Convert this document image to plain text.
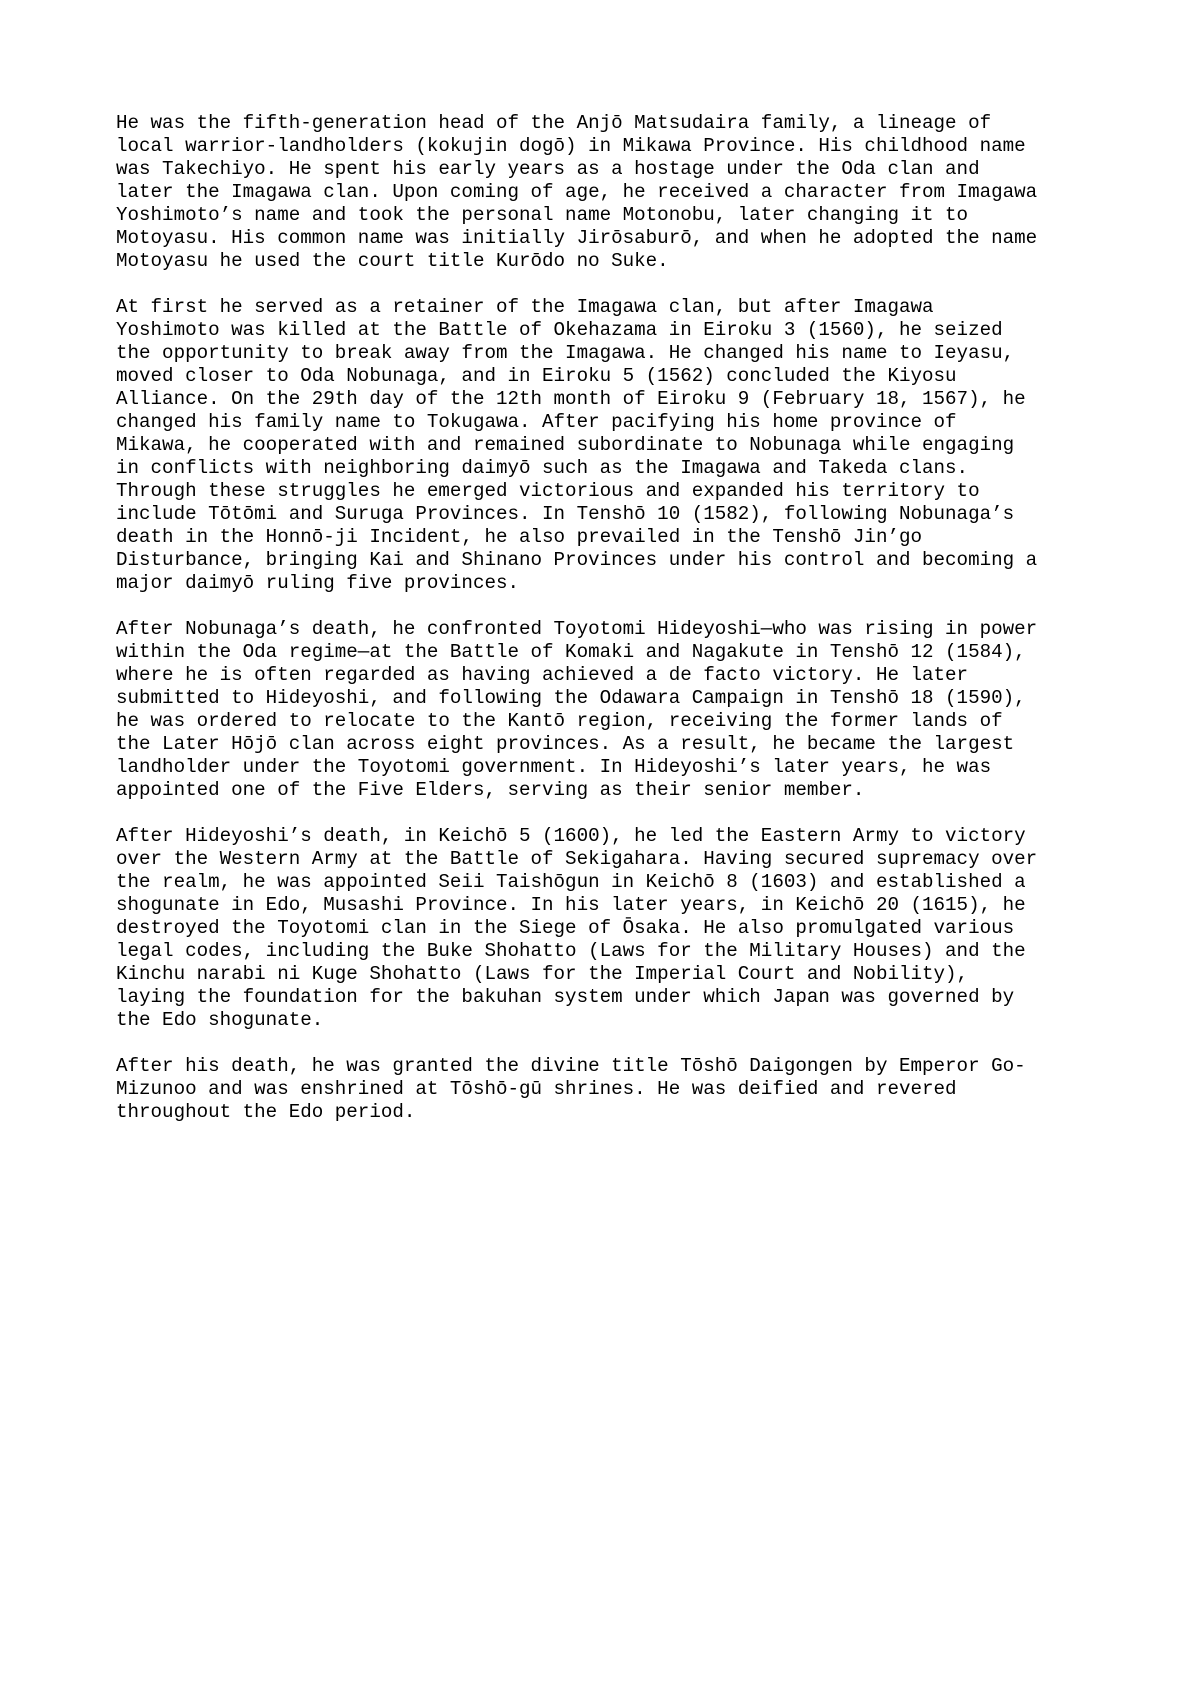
He was the fifth-generation head of the Anjō Matsudaira family, a lineage of
local warrior-landholders (kokujin dogō) in Mikawa Province. His childhood name
was Takechiyo. He spent his early years as a hostage under the Oda clan and
later the Imagawa clan. Upon coming of age, he received a character from Imagawa
Yoshimoto’s name and took the personal name Motonobu, later changing it to
Motoyasu. His common name was initially Jirōsaburō, and when he adopted the name
Motoyasu he used the court title Kurōdo no Suke.

At first he served as a retainer of the Imagawa clan, but after Imagawa
Yoshimoto was killed at the Battle of Okehazama in Eiroku 3 (1560), he seized
the opportunity to break away from the Imagawa. He changed his name to Ieyasu,
moved closer to Oda Nobunaga, and in Eiroku 5 (1562) concluded the Kiyosu
Alliance. On the 29th day of the 12th month of Eiroku 9 (February 18, 1567), he
changed his family name to Tokugawa. After pacifying his home province of
Mikawa, he cooperated with and remained subordinate to Nobunaga while engaging
in conflicts with neighboring daimyō such as the Imagawa and Takeda clans.
Through these struggles he emerged victorious and expanded his territory to
include Tōtōmi and Suruga Provinces. In Tenshō 10 (1582), following Nobunaga’s
death in the Honnō-ji Incident, he also prevailed in the Tenshō Jin’go
Disturbance, bringing Kai and Shinano Provinces under his control and becoming a
major daimyō ruling five provinces.

After Nobunaga’s death, he confronted Toyotomi Hideyoshi—who was rising in power
within the Oda regime—at the Battle of Komaki and Nagakute in Tenshō 12 (1584),
where he is often regarded as having achieved a de facto victory. He later
submitted to Hideyoshi, and following the Odawara Campaign in Tenshō 18 (1590),
he was ordered to relocate to the Kantō region, receiving the former lands of
the Later Hōjō clan across eight provinces. As a result, he became the largest
landholder under the Toyotomi government. In Hideyoshi’s later years, he was
appointed one of the Five Elders, serving as their senior member.

After Hideyoshi’s death, in Keichō 5 (1600), he led the Eastern Army to victory
over the Western Army at the Battle of Sekigahara. Having secured supremacy over
the realm, he was appointed Seii Taishōgun in Keichō 8 (1603) and established a
shogunate in Edo, Musashi Province. In his later years, in Keichō 20 (1615), he
destroyed the Toyotomi clan in the Siege of Ōsaka. He also promulgated various
legal codes, including the Buke Shohatto (Laws for the Military Houses) and the
Kinchu narabi ni Kuge Shohatto (Laws for the Imperial Court and Nobility),
laying the foundation for the bakuhan system under which Japan was governed by
the Edo shogunate.

After his death, he was granted the divine title Tōshō Daigongen by Emperor Go-
Mizunoo and was enshrined at Tōshō-gū shrines. He was deified and revered
throughout the Edo period.
